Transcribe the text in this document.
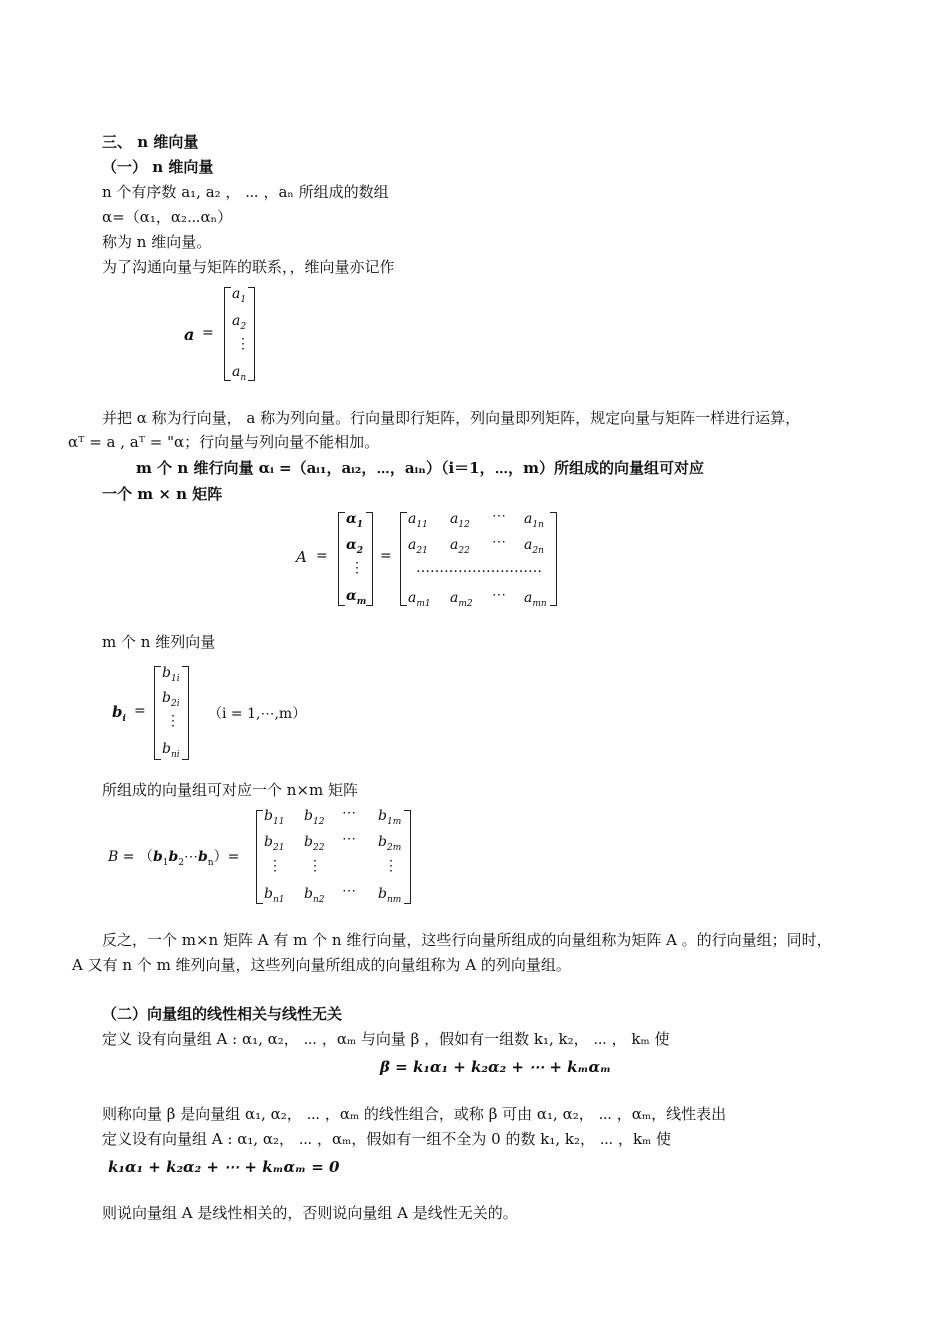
三、 n 维向量
（一） n 维向量
n 个有序数 a₁, a₂ ， ⋯ ，aₙ 所组成的数组
α=（α₁，α₂⋯αₙ）
称为 n 维向量。
为了沟通向量与矩阵的联系，，维向量亦记作
a =
$a_1$
$a_2$
⋮
$a_n$
并把 α 称为行向量， a 称为列向量。行向量即行矩阵，列向量即列矩阵，规定向量与矩阵一样进行运算，
αᵀ = a , aᵀ = "α；行向量与列向量不能相加。
m 个 n 维行向量 αᵢ =（aᵢ₁，aᵢ₂，⋯，aᵢₙ）（i＝1，⋯，m）所组成的向量组可对应
一个 m × n 矩阵
A =
$\alpha_1$
$\alpha_2$
⋮
$\alpha_m$
=
$a_{11}$ $a_{12}$
⋯ $a_{1n}$
$a_{21}$ $a_{22}$
⋯ $a_{2n}$
………………………
$a_{m1}$ $a_{m2}$
⋯ $a_{mn}$
m 个 n 维列向量
$b_i$ =
$b_{1i}$
$b_{2i}$
⋮
$b_{ni}$
（i = 1,⋯,m）
所组成的向量组可对应一个 n×m 矩阵
$B = (b_1b_2\cdots b_n)=$
$b_{11}$ $b_{12}$
⋯ $b_{1m}$
$b_{21}$ $b_{22}$
⋯ $b_{2m}$
⋮ ⋮	⋮
$b_{n1}$ $b_{n2}$
⋯ $b_{nm}$
反之，一个 m×n 矩阵 A 有 m 个 n 维行向量，这些行向量所组成的向量组称为矩阵 A 。的行向量组；同时，
A 又有 n 个 m 维列向量，这些列向量所组成的向量组称为 A 的列向量组。
（二）向量组的线性相关与线性无关
定义 设有向量组 A : α₁, α₂， ⋯ ，αₘ 与向量 β ，假如有一组数 k₁, k₂， ⋯ ， kₘ 使
β = k₁α₁ + k₂α₂ + ⋯ + kₘαₘ
则称向量 β 是向量组 α₁, α₂， ⋯ ，αₘ 的线性组合，或称 β 可由 α₁, α₂， ⋯ ，αₘ，线性表出
定义设有向量组 A : α₁, α₂， ⋯ ，αₘ，假如有一组不全为 0 的数 k₁, k₂， ⋯ ，kₘ 使
k₁α₁ + k₂α₂ + ⋯ + kₘαₘ = 0
则说向量组 A 是线性相关的，否则说向量组 A 是线性无关的。
